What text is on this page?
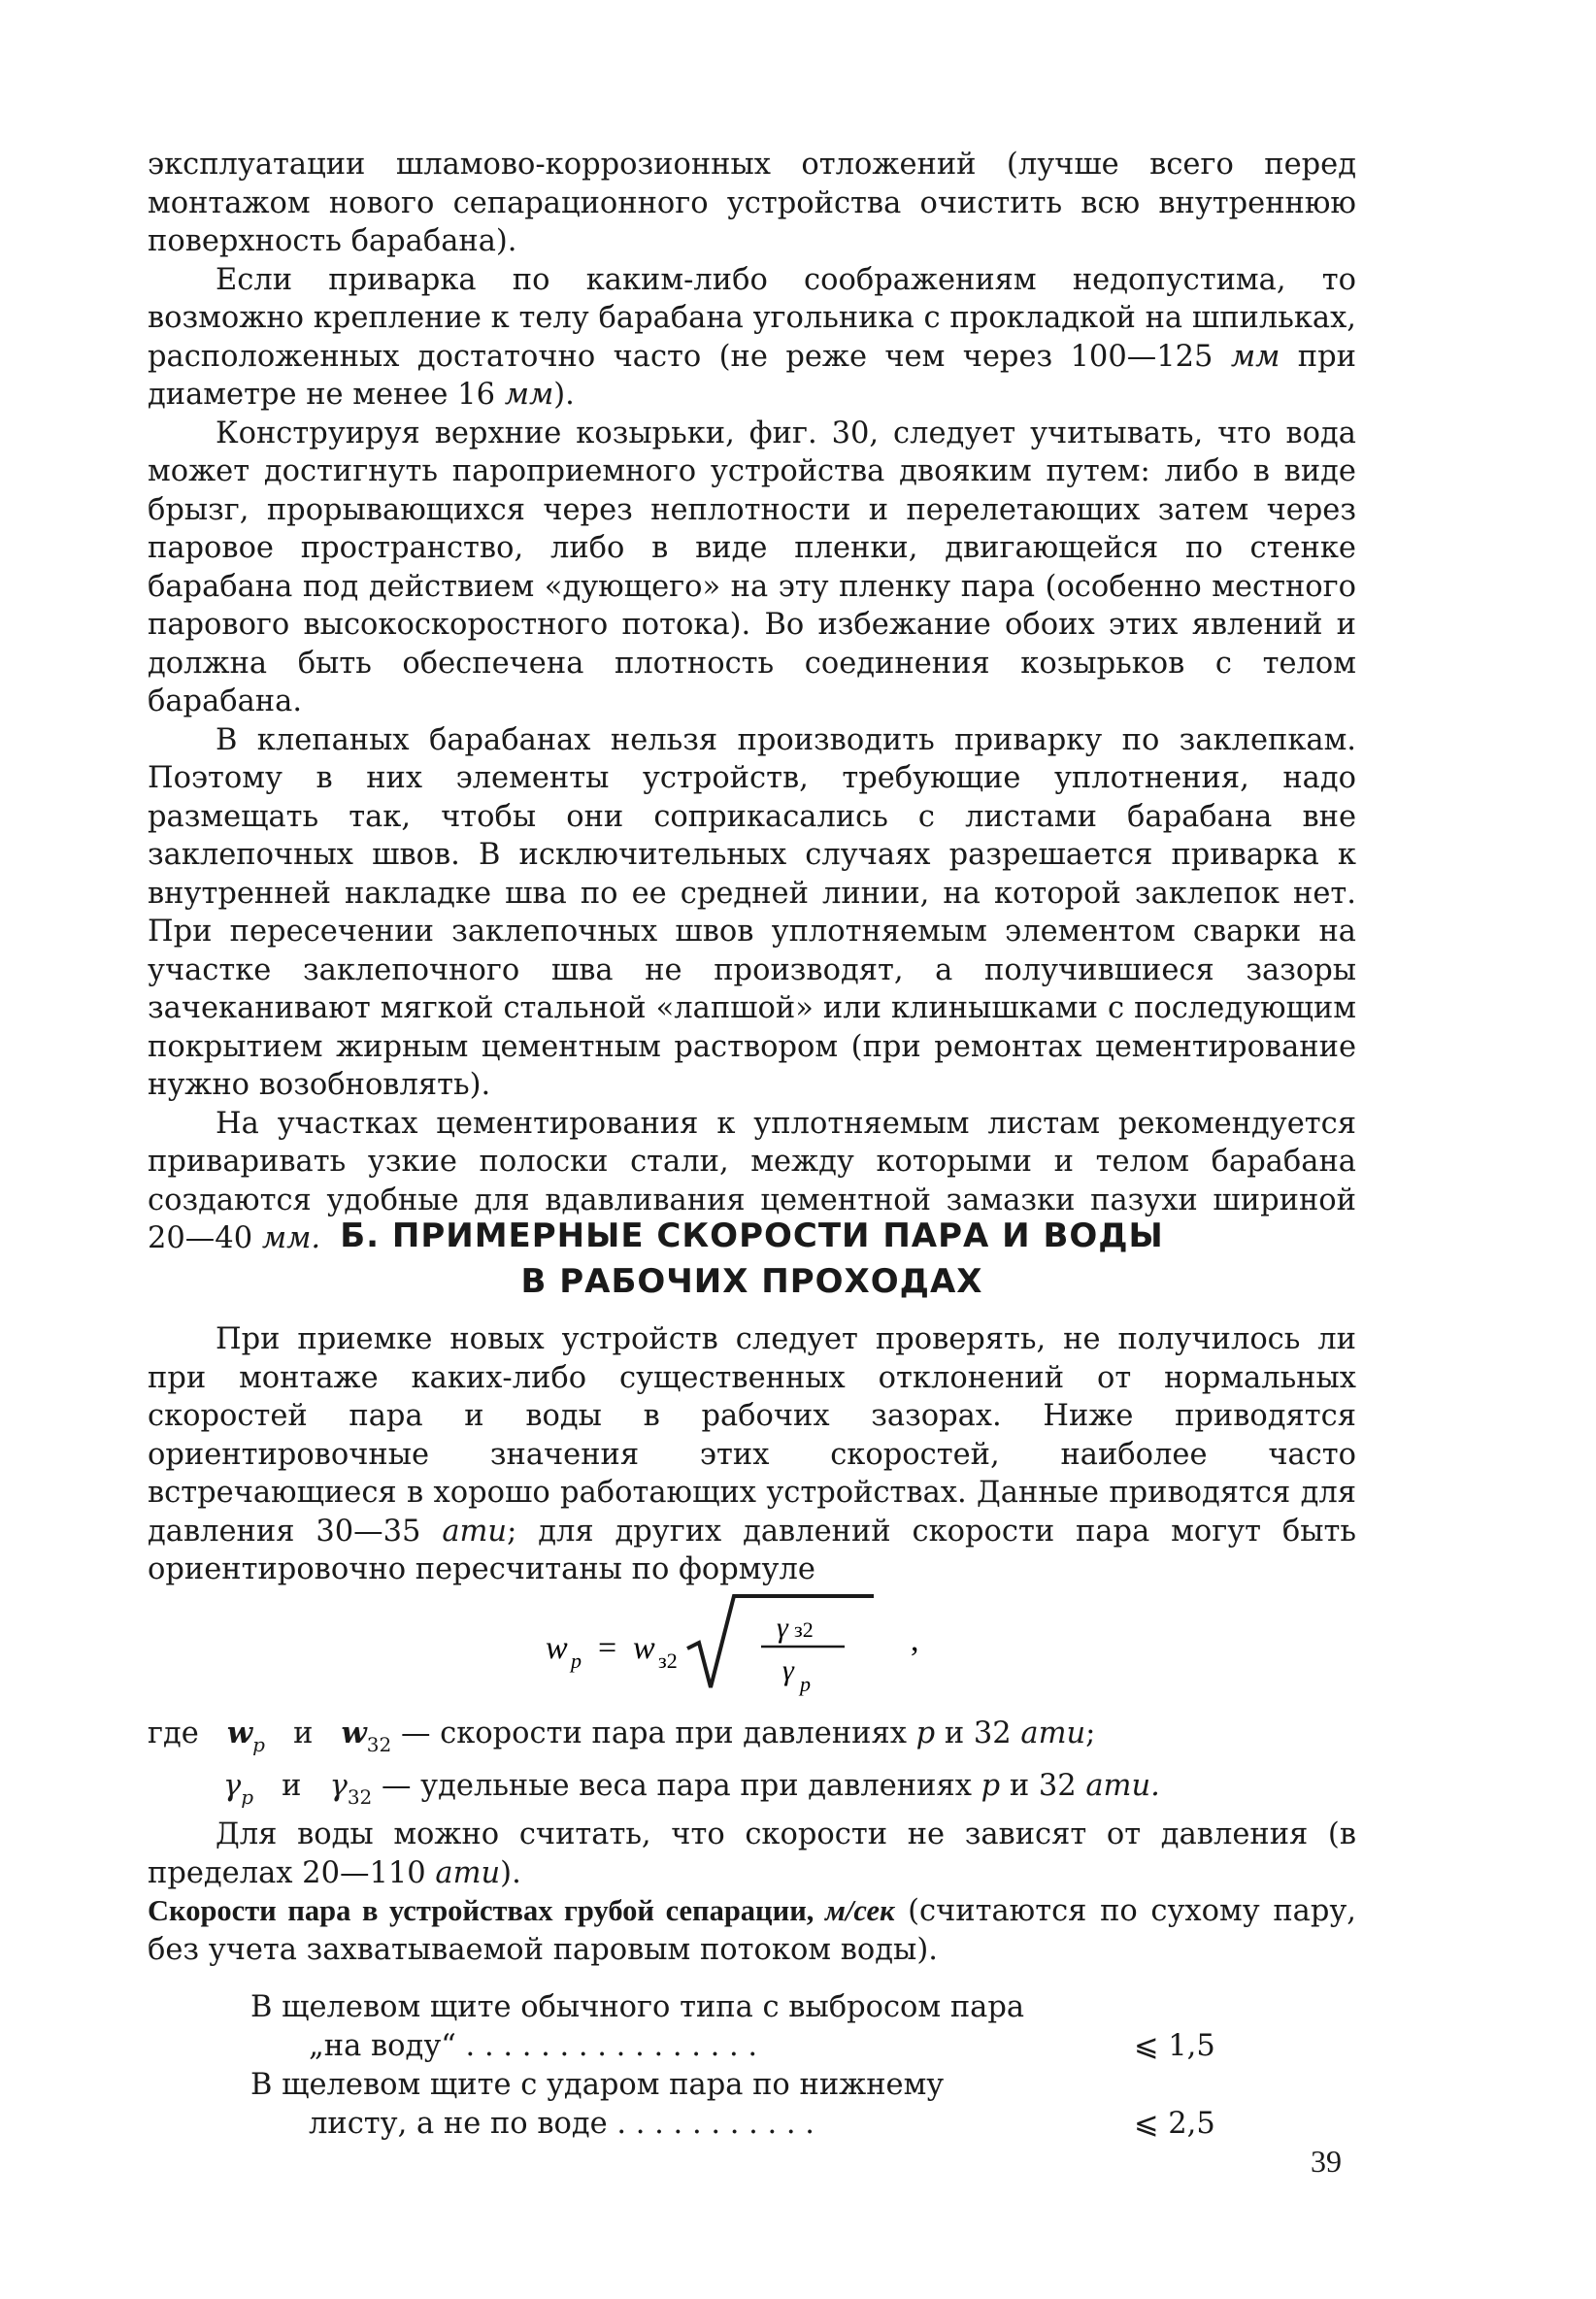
эксплуатации шламово-коррозионных отложений (лучше всего перед монтажом нового сепарационного устройства очистить всю внутреннюю поверхность барабана).

Если приварка по каким-либо соображениям недопустима, то возможно крепление к телу барабана угольника с прокладкой на шпильках, расположенных достаточно часто (не реже чем через 100—125 мм при диаметре не менее 16 мм).

Конструируя верхние козырьки, фиг. 30, следует учитывать, что вода может достигнуть пароприемного устройства двояким путем: либо в виде брызг, прорывающихся через неплотности и перелетающих затем через паровое пространство, либо в виде пленки, двигающейся по стенке барабана под действием «дующего» на эту пленку пара (особенно местного парового высокоскоростного потока). Во избежание обоих этих явлений и должна быть обеспечена плотность соединения козырьков с телом барабана.

В клепаных барабанах нельзя производить приварку по заклепкам. Поэтому в них элементы устройств, требующие уплотнения, надо размещать так, чтобы они соприкасались с листами барабана вне заклепочных швов. В исключительных случаях разрешается приварка к внутренней накладке шва по ее средней линии, на которой заклепок нет. При пересечении заклепочных швов уплотняемым элементом сварки на участке заклепочного шва не производят, а получившиеся зазоры зачеканивают мягкой стальной «лапшой» или клинышками с последующим покрытием жирным цементным раствором (при ремонтах цементирование нужно возобновлять).

На участках цементирования к уплотняемым листам рекомендуется приваривать узкие полоски стали, между которыми и телом барабана создаются удобные для вдавливания цементной замазки пазухи шириной 20—40 мм. Б. ПРИМЕРНЫЕ СКОРОСТИ ПАРА И ВОДЫ
В РАБОЧИХ ПРОХОДАХ

При приемке новых устройств следует проверять, не получилось ли при монтаже каких-либо существенных отклонений от нормальных скоростей пара и воды в рабочих зазорах. Ниже приводятся ориентировочные значения этих скоростей, наиболее часто встречающиеся в хорошо работающих устройствах. Данные приводятся для давления 30—35 ати; для других давлений скорости пара могут быть ориентировочно пересчитаны по формуле

w p = w з2
γ з2
γ p
,
где $w_p$ и $w_{32}$ — скорости пара при давлениях p и 32 ати;
$\gamma_p$ и $\gamma_{32}$ — удельные веса пара при давлениях p и 32 ати.

Для воды можно считать, что скорости не зависят от давления (в пределах 20—110 ати).

Скорости пара в устройствах грубой сепарации, м/сек (считаются по сухому пару, без учета захватываемой паровым потоком воды).

В щелевом щите обычного типа с выбросом пара
„на воду“ . . . . . . . . . . . . . . . .	⩽ 1,5
В щелевом щите с ударом пара по нижнему
листу, а не по воде . . . . . . . . . . .	⩽ 2,5
39
